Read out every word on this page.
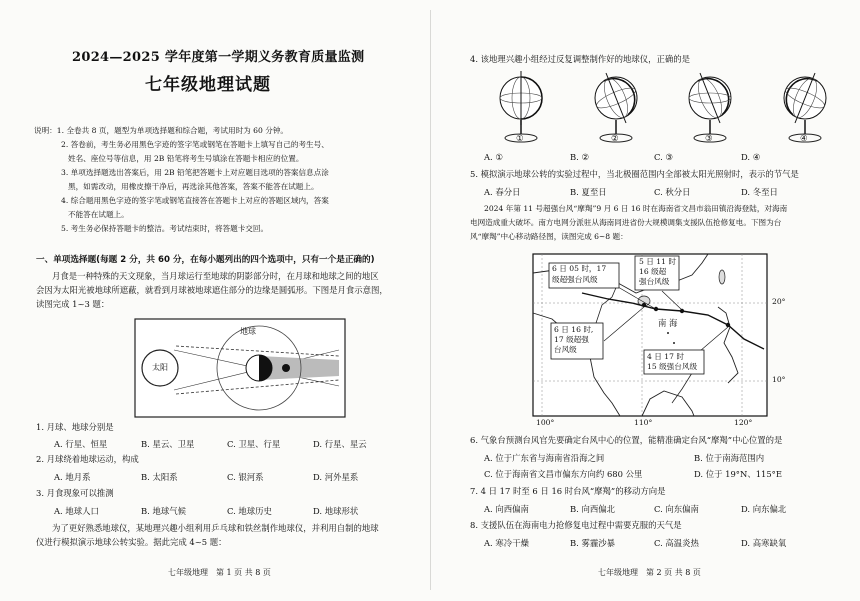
2024—2025 学年度第一学期义务教育质量监测
七年级地理试题
说明：1. 全卷共 8 页，题型为单项选择题和综合题，考试用时为 60 分钟。
2. 答卷前，考生务必用黑色字迹的签字笔或钢笔在答题卡上填写自己的考生号、
姓名、座位号等信息，用 2B 铅笔将考生号填涂在答题卡相应的位置。
3. 单项选择题选出答案后，用 2B 铅笔把答题卡上对应题目选项的答案信息点涂
黑，如需改动，用橡皮擦干净后，再选涂其他答案，答案不能答在试题上。
4. 综合题用黑色字迹的签字笔或钢笔直接答在答题卡上对应的答题区域内，答案
不能答在试题上。
5. 考生务必保持答题卡的整洁。考试结束时，将答题卡交回。
一、单项选择题(每题 2 分，共 60 分，在每小题列出的四个选项中，只有一个是正确的)
月食是一种特殊的天文现象，当月球运行至地球的阴影部分时，在月球和地球之间的地区
会因为太阳光被地球所遮蔽，就看到月球被地球遮住部分的边缘是圆弧形。下图是月食示意图，
读图完成 1~3 题：
太阳
地球
1. 月球、地球分别是
A. 行星、恒星	B. 星云、卫星	C. 卫星、行星	D. 行星、星云
2. 月球绕着地球运动，构成
A. 地月系	B. 太阳系	C. 银河系	D. 河外星系
3. 月食现象可以推测
A. 地球人口	B. 地球气候	C. 地球历史	D. 地球形状
为了更好熟悉地球仪，某地理兴趣小组利用乒乓球和铁丝制作地球仪，并利用自制的地球
仪进行模拟演示地球公转实验。据此完成 4~5 题：
七年级地理　第 1 页 共 8 页
4. 该地理兴趣小组经过反复调整制作好的地球仪，正确的是
①	②	③	④
A. ①	B. ②	C. ③	D. ④
5. 模拟演示地球公转的实验过程中，当北极圈范围内全部被太阳光照射时，表示的节气是
A. 春分日	B. 夏至日	C. 秋分日	D. 冬至日
2024 年第 11 号超强台风“摩羯”9 月 6 日 16 时在海南省文昌市翁田镇沿海登陆，对海南
电网造成重大破坏。南方电网分派驻从海南同进省份大规模调集支援队伍抢修复电。下图为台
风“摩羯”中心移动路径图，读图完成 6~8 题：
6 日 05 时，17
级超强台风级
5 日 11 时
16 级超
强台风级
6 日 16 时,
17 级超强
台风级
4 日 17 时
15 级强台风级
南 海
20°
10°
100°	110°	120°
6. 气象台预测台风官先要确定台风中心的位置，能精准确定台风“摩羯”中心位置的是
A. 位于广东省与海南省沿海之间	B. 位于南海范围内
C. 位于海南省文昌市偏东方向约 680 公里	D. 位于 19°N、115°E
7. 4 日 17 时至 6 日 16 时台风“摩羯”的移动方向是
A. 向西偏南	B. 向西偏北	C. 向东偏南	D. 向东偏北
8. 支援队伍在海南电力抢修复电过程中需要克服的天气是
A. 寒冷干燥	B. 雾霾沙暴	C. 高温炎热	D. 高寒缺氧
七年级地理　第 2 页 共 8 页
